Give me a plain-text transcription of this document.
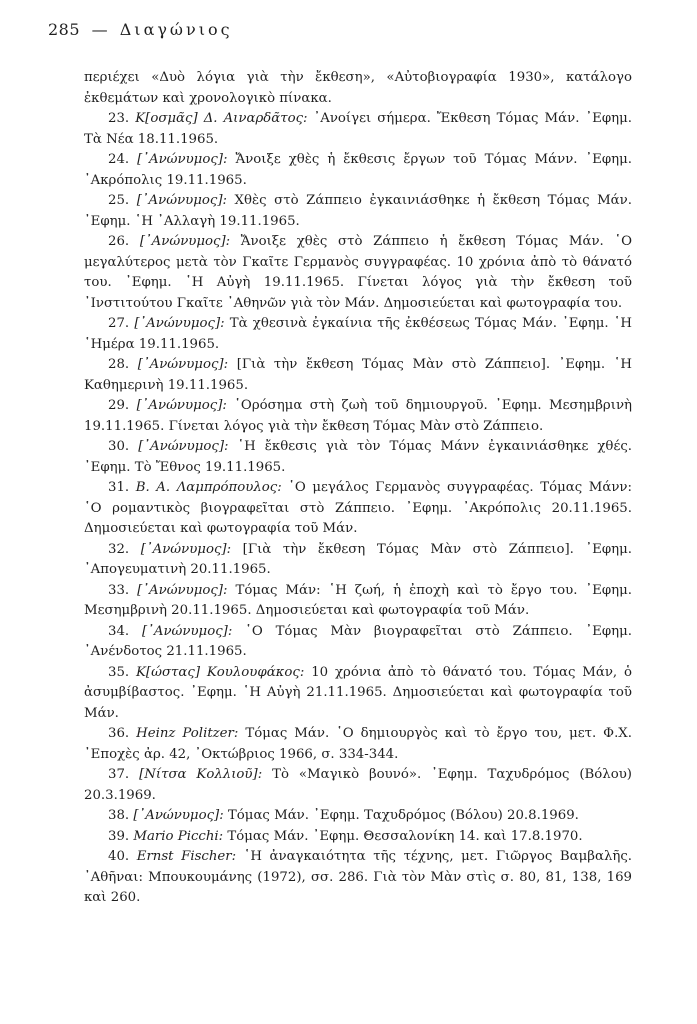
285 — Διαγώνιος

περιέχει «Δυὸ λόγια γιὰ τὴν ἔκθεση», «Αὐτοβιογραφία 1930», κατάλογο ἐκθεμάτων καὶ χρονολογικὸ πίνακα.

23. Κ[οσμᾶς] Δ. Αιναρδᾶτος: ᾿Ανοίγει σήμερα. Ἔκθεση Τόμας Μάν. ᾿Εφημ. Τὰ Νέα 18.11.1965.

24. [᾿Ανώνυμος]: Ἄνοιξε χθὲς ἡ ἔκθεσις ἔργων τοῦ Τόμας Μάνν. ᾿Εφημ. ᾿Ακρόπολις 19.11.1965.

25. [᾿Ανώνυμος]: Χθὲς στὸ Ζάππειο ἐγκαινιάσθηκε ἡ ἔκθεση Τόμας Μάν. ᾿Εφημ. ῾Η ᾿Αλλαγὴ 19.11.1965.

26. [᾿Ανώνυμος]: Ἄνοιξε χθὲς στὸ Ζάππειο ἡ ἔκθεση Τόμας Μάν. ῾Ο μεγαλύτερος μετὰ τὸν Γκαῖτε Γερμανὸς συγγραφέας. 10 χρόνια ἀπὸ τὸ θάνατό του. ᾿Εφημ. ῾Η Αὐγὴ 19.11.1965. Γίνεται λόγος γιὰ τὴν ἔκθεση τοῦ ᾿Ινστιτούτου Γκαῖτε ᾿Αθηνῶν γιὰ τὸν Μάν. Δημοσιεύεται καὶ φωτογραφία του.

27. [᾿Ανώνυμος]: Τὰ χθεσινὰ ἐγκαίνια τῆς ἐκθέσεως Τόμας Μάν. ᾿Εφημ. ῾Η ῾Ημέρα 19.11.1965.

28. [᾿Ανώνυμος]: [Γιὰ τὴν ἔκθεση Τόμας Μὰν στὸ Ζάππειο]. ᾿Εφημ. ῾Η Καθημερινὴ 19.11.1965.

29. [᾿Ανώνυμος]: ῾Ορόσημα στὴ ζωὴ τοῦ δημιουργοῦ. ᾿Εφημ. Μεσημβρινὴ 19.11.1965. Γίνεται λόγος γιὰ τὴν ἔκθεση Τόμας Μὰν στὸ Ζάππειο.

30. [᾿Ανώνυμος]: ῾Η ἔκθεσις γιὰ τὸν Τόμας Μάνν ἐγκαινιάσθηκε χθές. ᾿Εφημ. Τὸ Ἔθνος 19.11.1965.

31. Β. Α. Λαμπρόπουλος: ῾Ο μεγάλος Γερμανὸς συγγραφέας. Τόμας Μάνν: ῾Ο ρομαντικὸς βιογραφεῖται στὸ Ζάππειο. ᾿Εφημ. ᾿Ακρόπολις 20.11.1965. Δημοσιεύεται καὶ φωτογραφία τοῦ Μάν.

32. [᾿Ανώνυμος]: [Γιὰ τὴν ἔκθεση Τόμας Μὰν στὸ Ζάππειο]. ᾿Εφημ. ᾿Απογευματινὴ 20.11.1965.

33. [᾿Ανώνυμος]: Τόμας Μάν: ῾Η ζωή, ἡ ἐποχὴ καὶ τὸ ἔργο του. ᾿Εφημ. Μεσημβρινὴ 20.11.1965. Δημοσιεύεται καὶ φωτογραφία τοῦ Μάν.

34. [᾿Ανώνυμος]: ῾Ο Τόμας Μὰν βιογραφεῖται στὸ Ζάππειο. ᾿Εφημ. ᾿Ανένδοτος 21.11.1965.

35. Κ[ώστας] Κουλουφάκος: 10 χρόνια ἀπὸ τὸ θάνατό του. Τόμας Μάν, ὁ ἀσυμβίβαστος. ᾿Εφημ. ῾Η Αὐγὴ 21.11.1965. Δημοσιεύεται καὶ φωτογραφία τοῦ Μάν.

36. Heinz Politzer: Τόμας Μάν. ῾Ο δημιουργὸς καὶ τὸ ἔργο του, μετ. Φ.Χ. ᾿Εποχὲς ἀρ. 42, ᾿Οκτώβριος 1966, σ. 334-344.

37. [Νίτσα Κολλιοῦ]: Τὸ «Μαγικὸ βουνό». ᾿Εφημ. Ταχυδρόμος (Βόλου) 20.3.1969.

38. [᾿Ανώνυμος]: Τόμας Μάν. ᾿Εφημ. Ταχυδρόμος (Βόλου) 20.8.1969.

39. Mario Picchi: Τόμας Μάν. ᾿Εφημ. Θεσσαλονίκη 14. καὶ 17.8.1970.

40. Ernst Fischer: ῾Η ἀναγκαιότητα τῆς τέχνης, μετ. Γιῶργος Βαμβαλῆς. ᾿Αθῆναι: Μπουκουμάνης (1972), σσ. 286. Γιὰ τὸν Μὰν στὶς σ. 80, 81, 138, 169 καὶ 260.
